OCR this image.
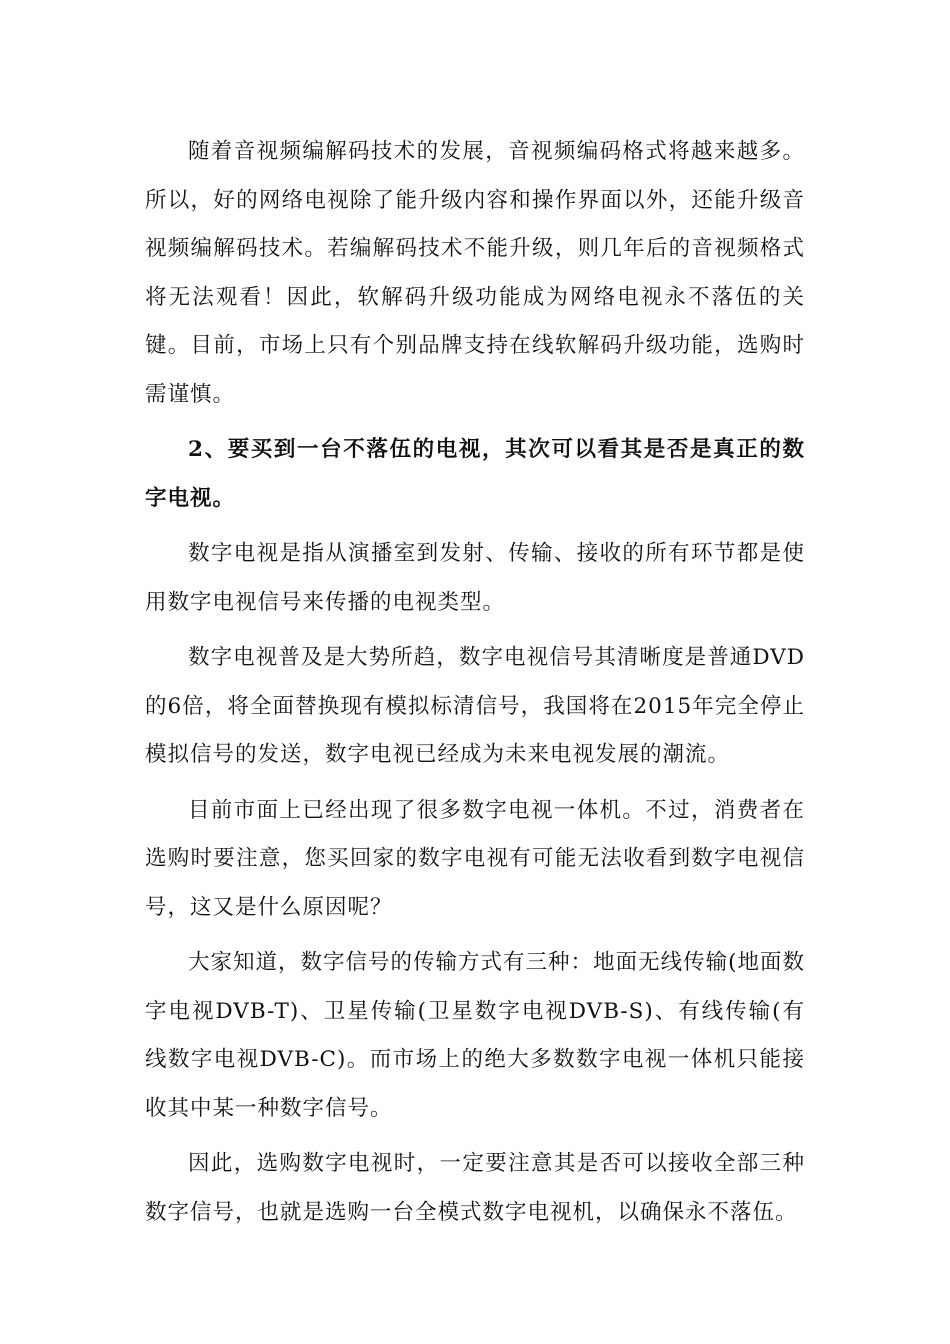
随着音视频编解码技术的发展，音视频编码格式将越来越多。所以，好的网络电视除了能升级内容和操作界面以外，还能升级音视频编解码技术。若编解码技术不能升级，则几年后的音视频格式将无法观看！因此，软解码升级功能成为网络电视永不落伍的关键。目前，市场上只有个别品牌支持在线软解码升级功能，选购时需谨慎。

2、要买到一台不落伍的电视，其次可以看其是否是真正的数字电视。

数字电视是指从演播室到发射、传输、接收的所有环节都是使用数字电视信号来传播的电视类型。

数字电视普及是大势所趋，数字电视信号其清晰度是普通DVD的6倍，将全面替换现有模拟标清信号，我国将在2015年完全停止模拟信号的发送，数字电视已经成为未来电视发展的潮流。

目前市面上已经出现了很多数字电视一体机。不过，消费者在选购时要注意，您买回家的数字电视有可能无法收看到数字电视信号，这又是什么原因呢？

大家知道，数字信号的传输方式有三种：地面无线传输(地面数字电视DVB-T)、卫星传输(卫星数字电视DVB-S)、有线传输(有线数字电视DVB-C)。而市场上的绝大多数数字电视一体机只能接收其中某一种数字信号。

因此，选购数字电视时，一定要注意其是否可以接收全部三种数字信号，也就是选购一台全模式数字电视机，以确保永不落伍。
